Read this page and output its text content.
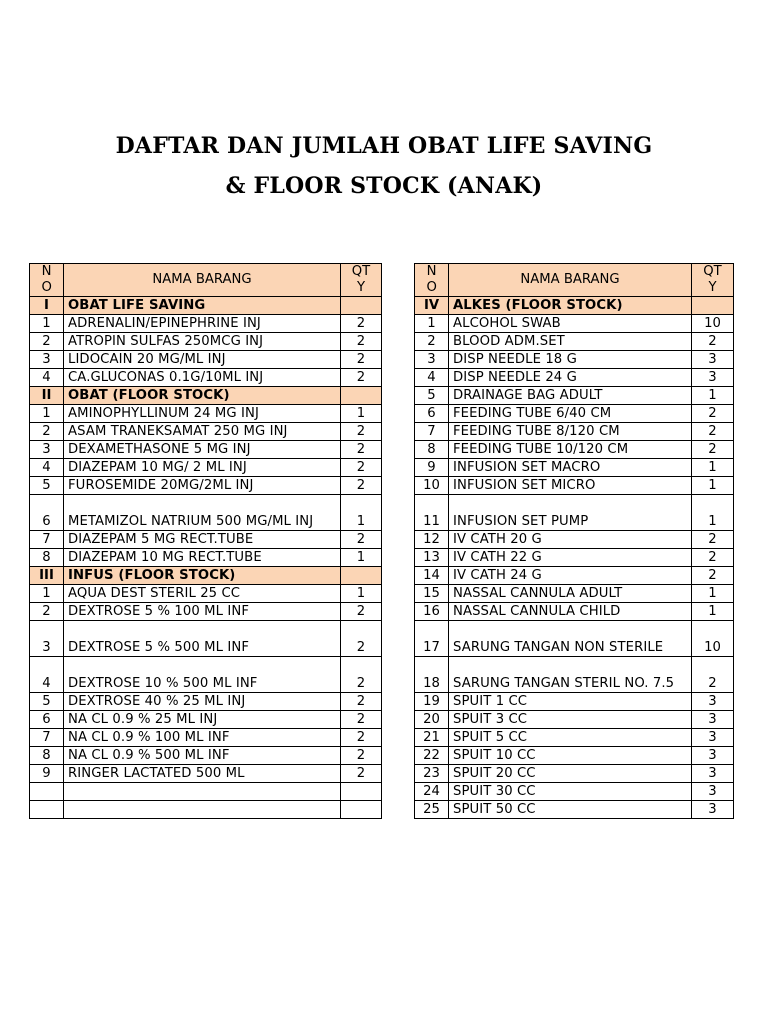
DAFTAR DAN JUMLAH OBAT LIFE SAVING
& FLOOR STOCK (ANAK)
NO	NAMA BARANG	QTY
I	OBAT LIFE SAVING	
1	ADRENALIN/EPINEPHRINE INJ	2
2	ATROPIN SULFAS 250MCG INJ	2
3	LIDOCAIN 20 MG/ML INJ	2
4	CA.GLUCONAS 0.1G/10ML INJ	2
II	OBAT (FLOOR STOCK)	
1	AMINOPHYLLINUM 24 MG INJ	1
2	ASAM TRANEKSAMAT 250 MG INJ	2
3	DEXAMETHASONE 5 MG INJ	2
4	DIAZEPAM 10 MG/ 2 ML INJ	2
5	FUROSEMIDE 20MG/2ML INJ	2
6	METAMIZOL NATRIUM 500 MG/ML INJ	1
7	DIAZEPAM 5 MG RECT.TUBE	2
8	DIAZEPAM 10 MG RECT.TUBE	1
III	INFUS (FLOOR STOCK)	
1	AQUA DEST STERIL 25 CC	1
2	DEXTROSE 5 % 100 ML INF	2
3	DEXTROSE 5 % 500 ML INF	2
4	DEXTROSE 10 % 500 ML INF	2
5	DEXTROSE 40 % 25 ML INJ	2
6	NA CL 0.9 % 25 ML INJ	2
7	NA CL 0.9 % 100 ML INF	2
8	NA CL 0.9 % 500 ML INF	2
9	RINGER LACTATED 500 ML	2

NO	NAMA BARANG	QTY
IV	ALKES (FLOOR STOCK)	
1	ALCOHOL SWAB	10
2	BLOOD ADM.SET	2
3	DISP NEEDLE 18 G	3
4	DISP NEEDLE 24 G	3
5	DRAINAGE BAG ADULT	1
6	FEEDING TUBE 6/40 CM	2
7	FEEDING TUBE 8/120 CM	2
8	FEEDING TUBE 10/120 CM	2
9	INFUSION SET MACRO	1
10	INFUSION SET MICRO	1
11	INFUSION SET PUMP	1
12	IV CATH 20 G	2
13	IV CATH 22 G	2
14	IV CATH 24 G	2
15	NASSAL CANNULA ADULT	1
16	NASSAL CANNULA CHILD	1
17	SARUNG TANGAN NON STERILE	10
18	SARUNG TANGAN STERIL NO. 7.5	2
19	SPUIT 1 CC	3
20	SPUIT 3 CC	3
21	SPUIT 5 CC	3
22	SPUIT 10 CC	3
23	SPUIT 20 CC	3
24	SPUIT 30 CC	3
25	SPUIT 50 CC	3
